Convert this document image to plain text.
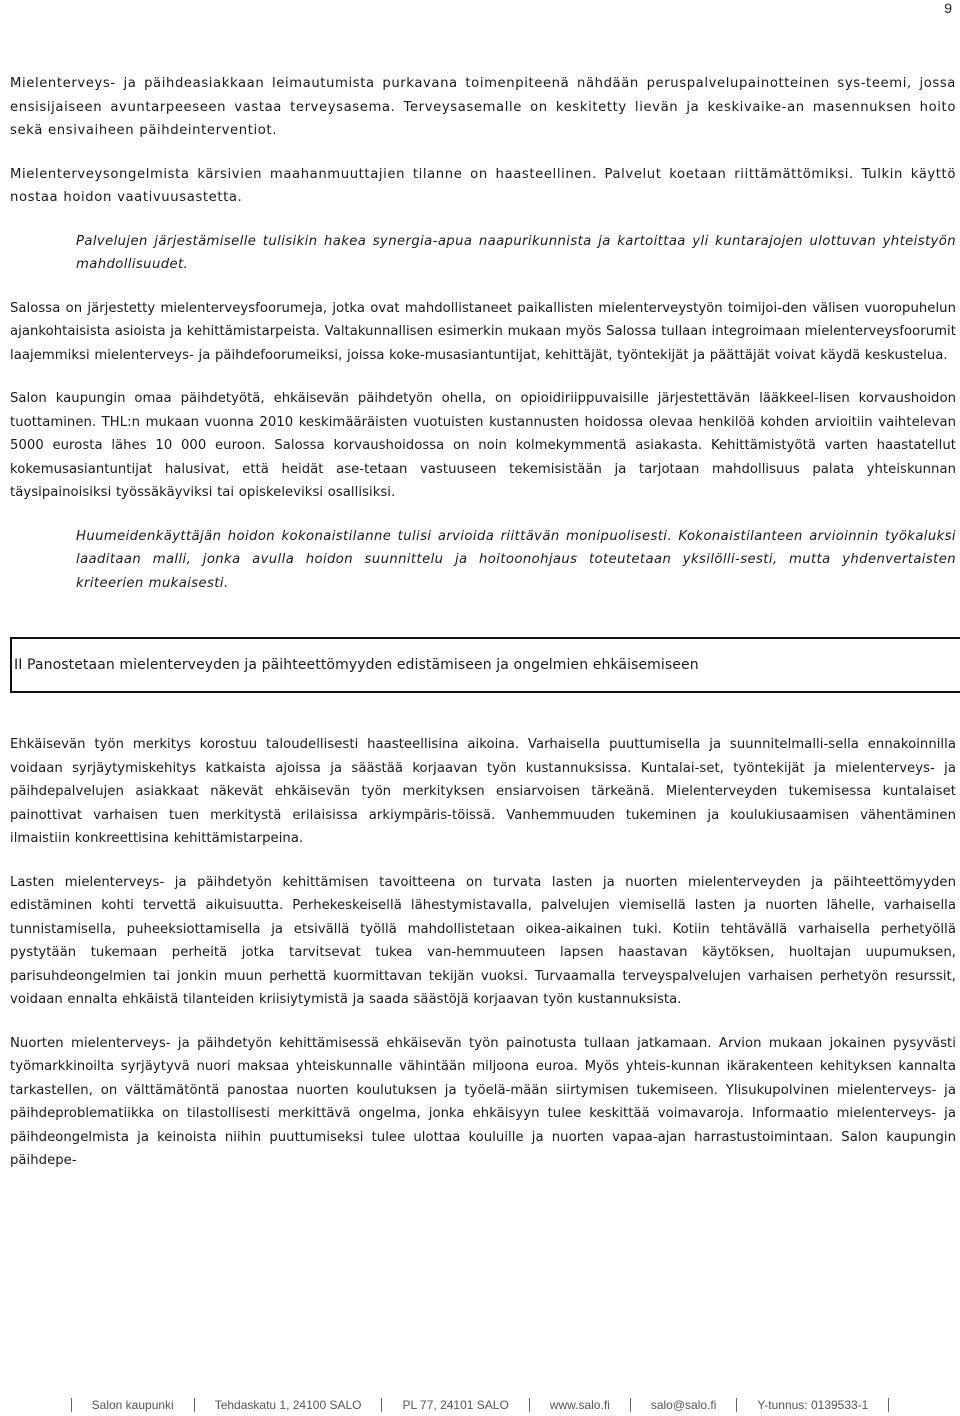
9

Mielenterveys- ja päihdeasiakkaan leimautumista purkavana toimenpiteenä nähdään peruspalvelupainotteinen sys-teemi, jossa ensisijaiseen avuntarpeeseen vastaa terveysasema. Terveysasemalle on keskitetty lievän ja keskivaike-an masennuksen hoito sekä ensivaiheen päihdeinterventiot.

Mielenterveysongelmista kärsivien maahanmuuttajien tilanne on haasteellinen. Palvelut koetaan riittämättömiksi. Tulkin käyttö nostaa hoidon vaativuusastetta.

Palvelujen järjestämiselle tulisikin hakea synergia-apua naapurikunnista ja kartoittaa yli kuntarajojen ulottuvan yhteistyön mahdollisuudet.

Salossa on järjestetty mielenterveysfoorumeja, jotka ovat mahdollistaneet paikallisten mielenterveystyön toimijoi-den välisen vuoropuhelun ajankohtaisista asioista ja kehittämistarpeista. Valtakunnallisen esimerkin mukaan myös Salossa tullaan integroimaan mielenterveysfoorumit laajemmiksi mielenterveys- ja päihdefoorumeiksi, joissa koke-musasiantuntijat, kehittäjät, työntekijät ja päättäjät voivat käydä keskustelua.

Salon kaupungin omaa päihdetyötä, ehkäisevän päihdetyön ohella, on opioidiriippuvaisille järjestettävän lääkkeel-lisen korvaushoidon tuottaminen. THL:n mukaan vuonna 2010 keskimääräisten vuotuisten kustannusten hoidossa olevaa henkilöä kohden arvioitiin vaihtelevan 5000 eurosta lähes 10 000 euroon. Salossa korvaushoidossa on noin kolmekymmentä asiakasta. Kehittämistyötä varten haastatellut kokemusasiantuntijat halusivat, että heidät ase-tetaan vastuuseen tekemisistään ja tarjotaan mahdollisuus palata yhteiskunnan täysipainoisiksi työssäkäyviksi tai opiskeleviksi osallisiksi.

Huumeidenkäyttäjän hoidon kokonaistilanne tulisi arvioida riittävän monipuolisesti. Kokonaistilanteen arvioinnin työkaluksi laaditaan malli, jonka avulla hoidon suunnittelu ja hoitoonohjaus toteutetaan yksilölli-sesti, mutta yhdenvertaisten kriteerien mukaisesti.

II Panostetaan mielenterveyden ja päihteettömyyden edistämiseen ja ongelmien ehkäisemiseen

Ehkäisevän työn merkitys korostuu taloudellisesti haasteellisina aikoina. Varhaisella puuttumisella ja suunnitelmalli-sella ennakoinnilla voidaan syrjäytymiskehitys katkaista ajoissa ja säästää korjaavan työn kustannuksissa. Kuntalai-set, työntekijät ja mielenterveys- ja päihdepalvelujen asiakkaat näkevät ehkäisevän työn merkityksen ensiarvoisen tärkeänä. Mielenterveyden tukemisessa kuntalaiset painottivat varhaisen tuen merkitystä erilaisissa arkiympäris-töissä. Vanhemmuuden tukeminen ja koulukiusaamisen vähentäminen ilmaistiin konkreettisina kehittämistarpeina.

Lasten mielenterveys- ja päihdetyön kehittämisen tavoitteena on turvata lasten ja nuorten mielenterveyden ja päihteettömyyden edistäminen kohti tervettä aikuisuutta. Perhekeskeisellä lähestymistavalla, palvelujen viemisellä lasten ja nuorten lähelle, varhaisella tunnistamisella, puheeksiottamisella ja etsivällä työllä mahdollistetaan oikea-aikainen tuki. Kotiin tehtävällä varhaisella perhetyöllä pystytään tukemaan perheitä jotka tarvitsevat tukea van-hemmuuteen lapsen haastavan käytöksen, huoltajan uupumuksen, parisuhdeongelmien tai jonkin muun perhettä kuormittavan tekijän vuoksi. Turvaamalla terveyspalvelujen varhaisen perhetyön resurssit, voidaan ennalta ehkäistä tilanteiden kriisiytymistä ja saada säästöjä korjaavan työn kustannuksista.

Nuorten mielenterveys- ja päihdetyön kehittämisessä ehkäisevän työn painotusta tullaan jatkamaan. Arvion mukaan jokainen pysyvästi työmarkkinoilta syrjäytyvä nuori maksaa yhteiskunnalle vähintään miljoona euroa. Myös yhteis-kunnan ikärakenteen kehityksen kannalta tarkastellen, on välttämätöntä panostaa nuorten koulutuksen ja työelä-mään siirtymisen tukemiseen. Ylisukupolvinen mielenterveys- ja päihdeproblematiikka on tilastollisesti merkittävä ongelma, jonka ehkäisyyn tulee keskittää voimavaroja. Informaatio mielenterveys- ja päihdeongelmista ja keinoista niihin puuttumiseksi tulee ulottaa kouluille ja nuorten vapaa-ajan harrastustoimintaan. Salon kaupungin päihdepe-

Salon kaupunki	Tehdaskatu 1, 24100 SALO	PL 77, 24101 SALO	www.salo.fi	salo@salo.fi	Y-tunnus: 0139533-1
